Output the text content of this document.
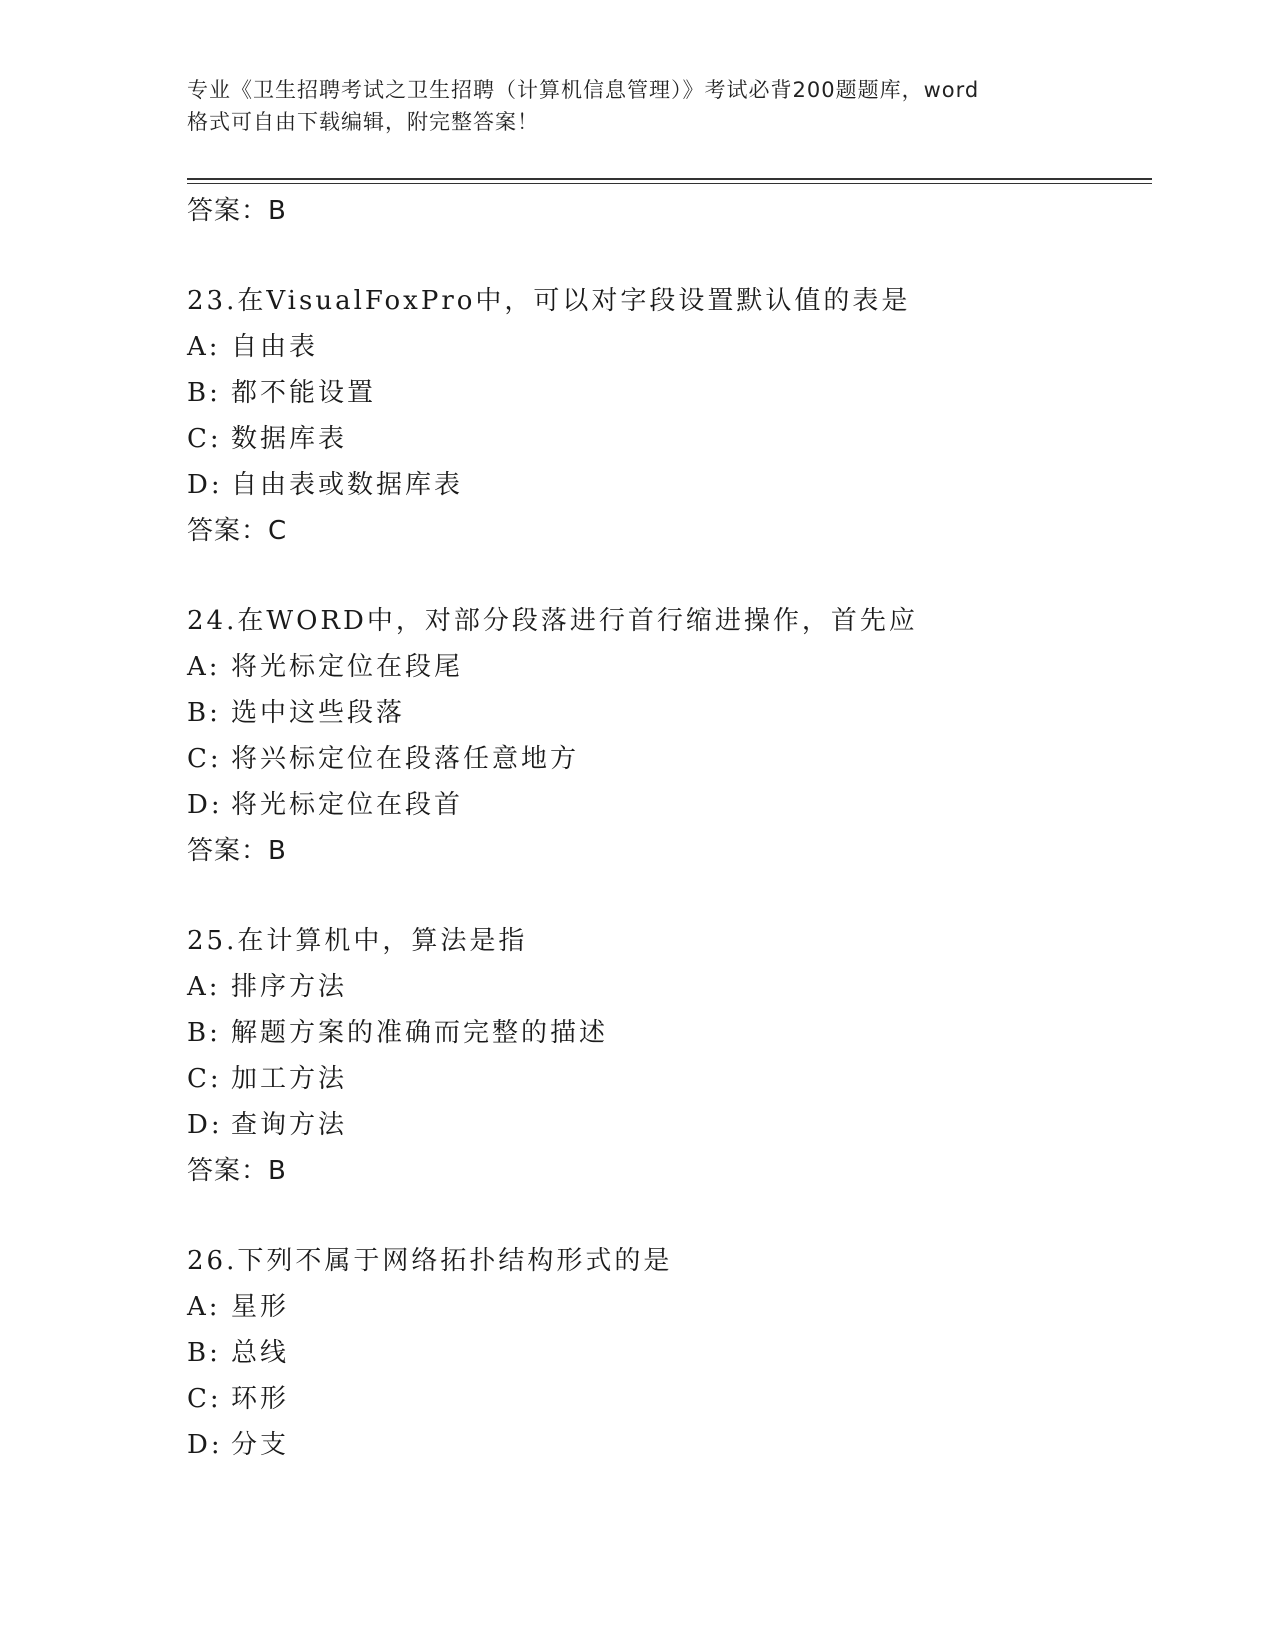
专业《卫生招聘考试之卫生招聘（计算机信息管理）》考试必背200题题库，word
格式可自由下载编辑，附完整答案！
答案：B
23.在VisualFoxPro中，可以对字段设置默认值的表是
A: 自由表
B: 都不能设置
C: 数据库表
D: 自由表或数据库表
答案：C
24.在WORD中，对部分段落进行首行缩进操作，首先应
A: 将光标定位在段尾
B: 选中这些段落
C: 将兴标定位在段落任意地方
D: 将光标定位在段首
答案：B
25.在计算机中，算法是指
A: 排序方法
B: 解题方案的准确而完整的描述
C: 加工方法
D: 查询方法
答案：B
26.下列不属于网络拓扑结构形式的是
A: 星形
B: 总线
C: 环形
D: 分支
